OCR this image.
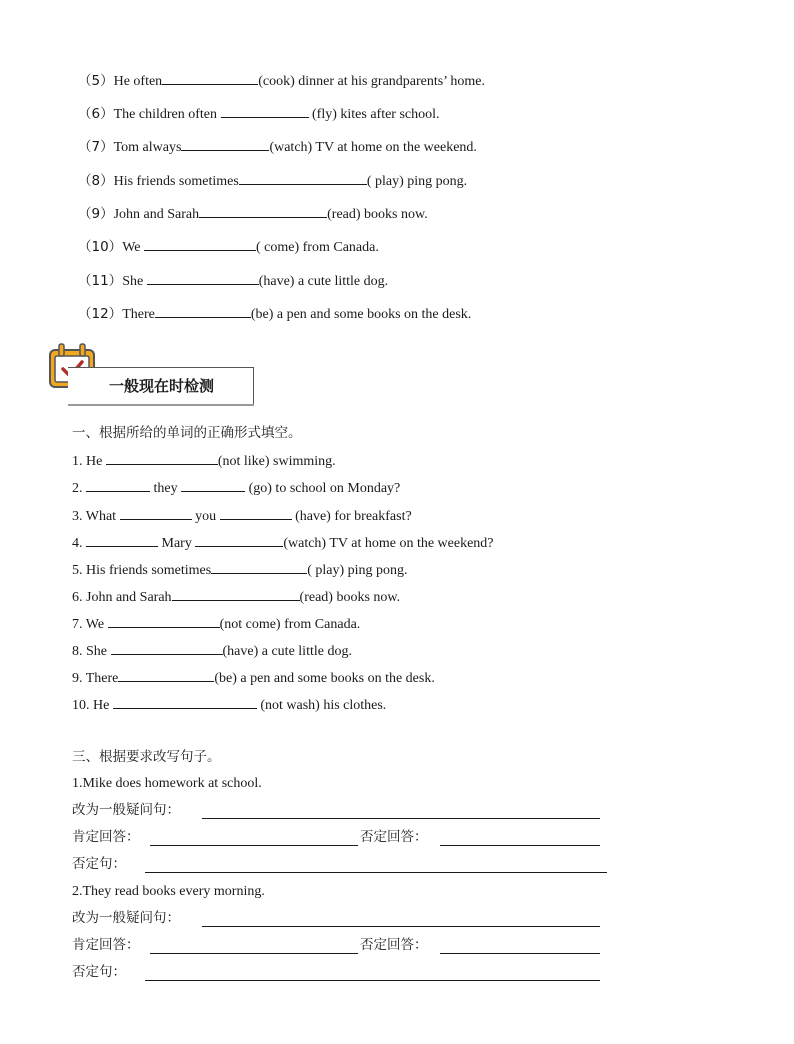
（5）He often	(cook) dinner at his grandparents’ home.
（6）The children often	(fly) kites after school.
（7）Tom always	(watch) TV at home on the weekend.
（8）His friends sometimes	( play) ping pong.
（9）John and Sarah	(read) books now.
（10）We	( come) from Canada.
（11）She	(have) a cute little dog.
（12）There	(be) a pen and some books on the desk.
一、根据所给的单词的正确形式填空。
1. He	(not like) swimming.
2.	they	(go) to school on Monday?
3. What	you	(have) for breakfast?
4.	Mary	(watch) TV at home on the weekend?
5. His friends sometimes	( play) ping pong.
6. John and Sarah	(read) books now.
7. We	(not come) from Canada.
8. She	(have) a cute little dog.
9. There	(be) a pen and some books on the desk.
10. He	(not wash) his clothes.
三、根据要求改写句子。
1.Mike does homework at school.
改为一般疑问句：
肯定回答：	否定回答：
否定句：
2.They read books every morning.
改为一般疑问句：
肯定回答：	否定回答：
否定句：
一般现在时检测
